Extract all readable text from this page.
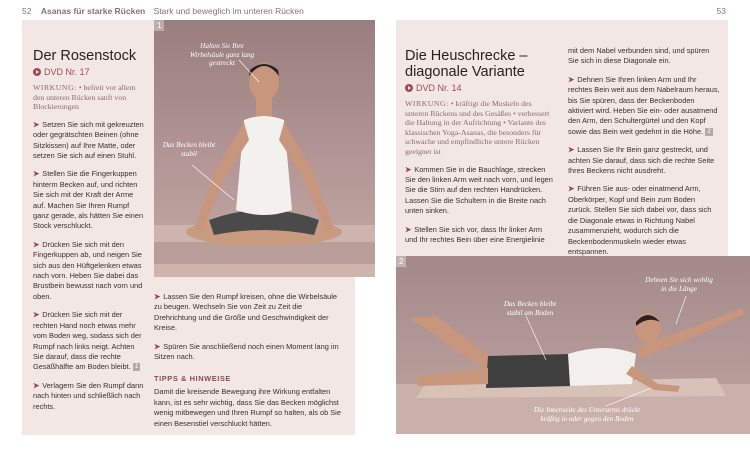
52 Asanas für starke Rücken Stark und beweglich im unteren Rücken	53
Der Rosenstock
DVD Nr. 17
WIRKUNG: • befreit vor allem den unteren Rücken sanft von Blockierungen
➤ Setzen Sie sich mit gekreuzten oder gegrätschten Beinen (ohne Sitzkissen) auf Ihre Matte, oder setzen Sie sich auf einen Stuhl.
➤ Stellen Sie die Fingerkuppen hinterm Becken auf, und richten Sie sich mit der Kraft der Arme auf. Machen Sie Ihren Rumpf ganz gerade, als hätten Sie einen Stock verschluckt.
➤ Drücken Sie sich mit den Fingerkuppen ab, und neigen Sie sich aus den Hüftgelenken etwas nach vorn. Heben Sie dabei das Brustbein bewusst nach vorn und oben.
➤ Drücken Sie sich mit der rechten Hand noch etwas mehr vom Boden weg, sodass sich der Rumpf nach links neigt. Achten Sie darauf, dass die rechte Gesäßhälfte am Boden bleibt. 1
➤ Verlagern Sie den Rumpf dann nach hinten und schließlich nach rechts.
➤ Lassen Sie den Rumpf kreisen, ohne die Wirbelsäule zu beugen. Wechseln Sie von Zeit zu Zeit die Drehrichtung und die Größe und Geschwindigkeit der Kreise.
➤ Spüren Sie anschließend noch einen Moment lang im Sitzen nach.
TIPPS & HINWEISE
Damit die kreisende Bewegung ihre Wirkung entfalten kann, ist es sehr wichtig, dass Sie das Becken möglichst wenig mitbewegen und Ihren Rumpf so halten, als ob Sie einen Besenstiel verschluckt hätten.
1
Halten Sie Ihre Wirbelsäule ganz lang gestreckt
Das Becken bleibt stabil
Die Heuschrecke –
diagonale Variante
DVD Nr. 14
WIRKUNG: • kräftigt die Muskeln des unteren Rückens und des Gesäßes • verbessert die Haltung in der Aufrichtung • Variante des klassischen Yoga-Asanas, die besonders für schwache und empfindliche untere Rücken geeignet ist
➤ Kommen Sie in die Bauchlage, strecken Sie den linken Arm weit nach vorn, und legen Sie die Stirn auf den rechten Handrücken. Lassen Sie die Schultern in die Breite nach unten sinken.
➤ Stellen Sie sich vor, dass Ihr linker Arm und Ihr rechtes Bein über eine Energielinie
mit dem Nabel verbunden sind, und spüren Sie sich in diese Diagonale ein.
➤ Dehnen Sie Ihren linken Arm und Ihr rechtes Bein weit aus dem Nabelraum heraus, bis Sie spüren, dass der Beckenboden aktiviert wird. Heben Sie ein- oder ausatmend den Arm, den Schultergürtel und den Kopf sowie das Bein weit gedehnt in die Höhe. 2
➤ Lassen Sie Ihr Bein ganz gestreckt, und achten Sie darauf, dass sich die rechte Seite Ihres Beckens nicht ausdreht.
➤ Führen Sie aus- oder einatmend Arm, Oberkörper, Kopf und Bein zum Boden zurück. Stellen Sie sich dabei vor, dass sich die Diagonale etwas in Richtung Nabel zusammenzieht, wodurch sich die Beckenbodenmuskeln wieder etwas entspannen.
2
Dehnen Sie sich wohlig in die Länge
Das Becken bleibt stabil am Boden
Die Innenseite des Unterarms drückt kräftig in oder gegen den Boden
